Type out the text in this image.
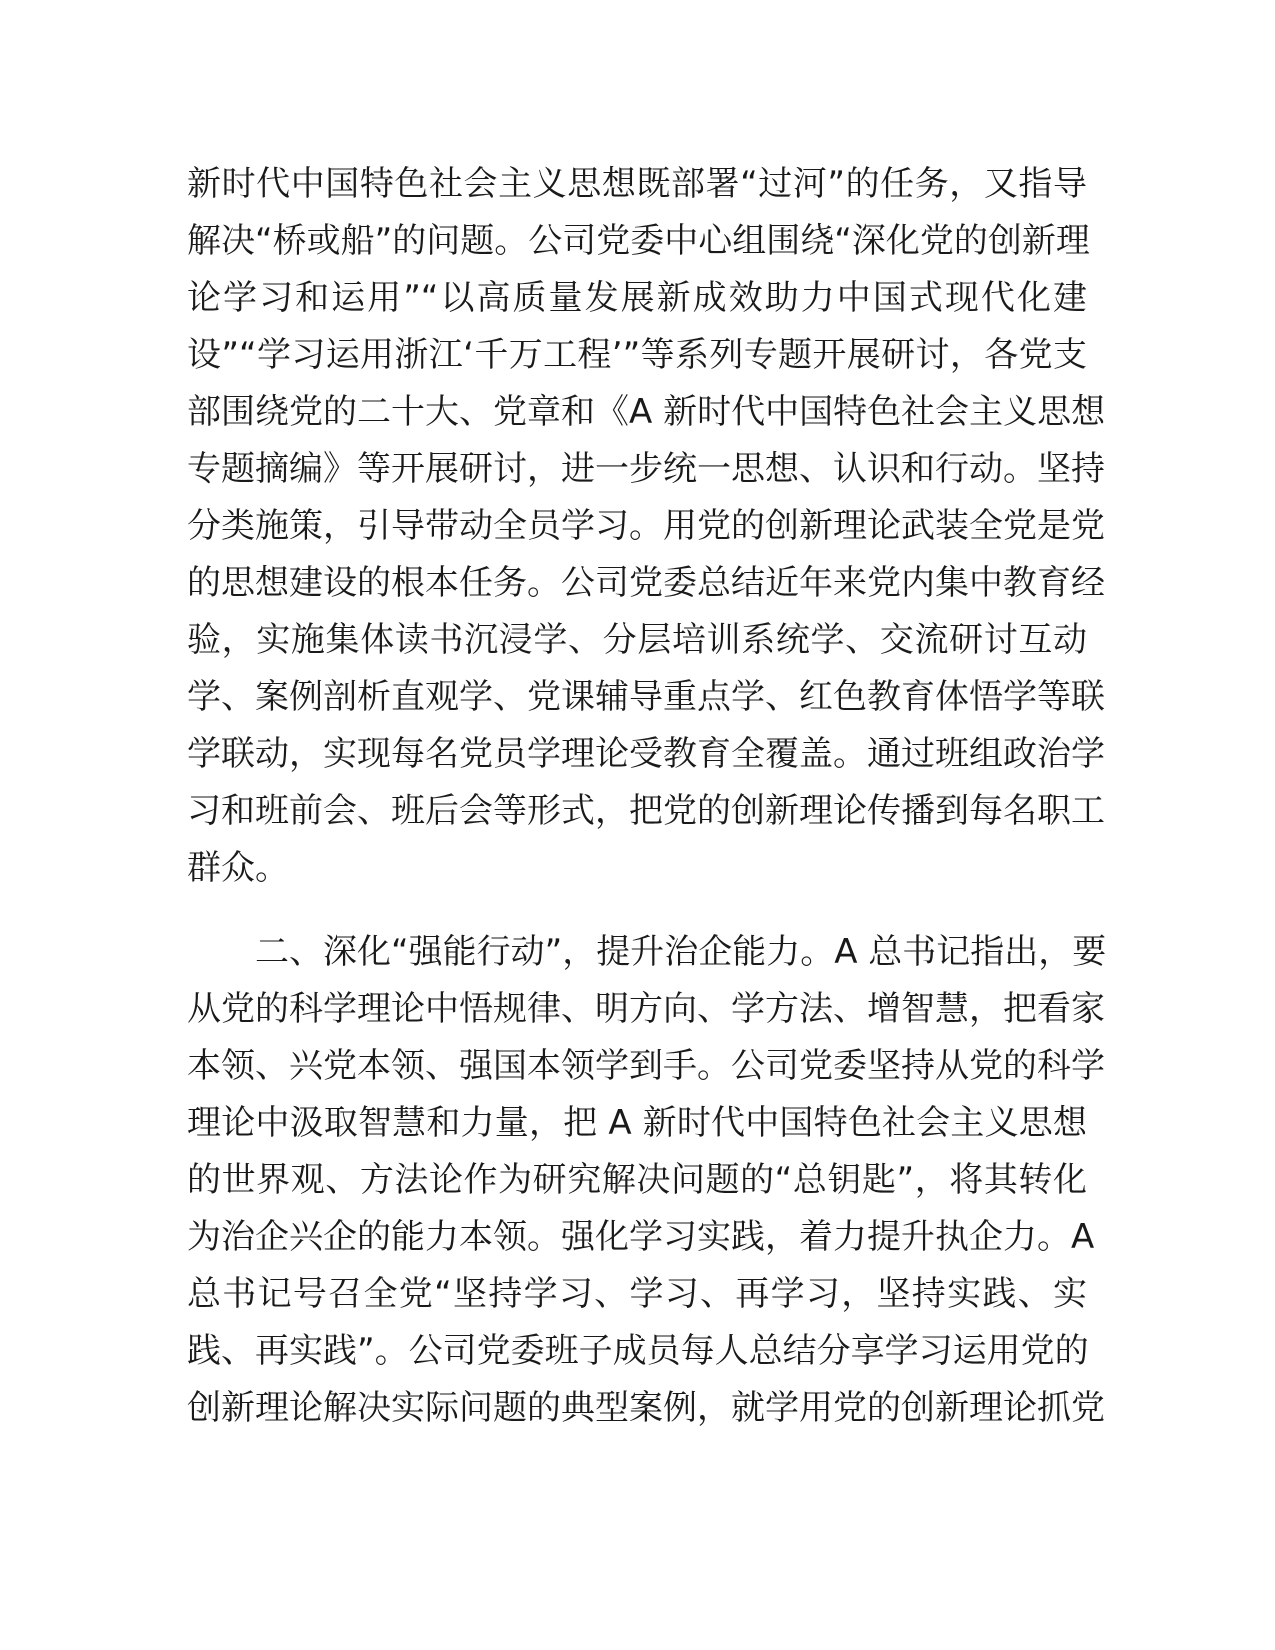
新时代中国特色社会主义思想既部署“过河”的任务，又指导
解决“桥或船”的问题。公司党委中心组围绕“深化党的创新理
论学习和运用”“以高质量发展新成效助力中国式现代化建
设”“学习运用浙江‘千万工程’”等系列专题开展研讨，各党支
部围绕党的二十大、党章和《A 新时代中国特色社会主义思想
专题摘编》等开展研讨，进一步统一思想、认识和行动。坚持
分类施策，引导带动全员学习。用党的创新理论武装全党是党
的思想建设的根本任务。公司党委总结近年来党内集中教育经
验，实施集体读书沉浸学、分层培训系统学、交流研讨互动
学、案例剖析直观学、党课辅导重点学、红色教育体悟学等联
学联动，实现每名党员学理论受教育全覆盖。通过班组政治学
习和班前会、班后会等形式，把党的创新理论传播到每名职工
群众。
二、深化“强能行动”，提升治企能力。A 总书记指出，要
从党的科学理论中悟规律、明方向、学方法、增智慧，把看家
本领、兴党本领、强国本领学到手。公司党委坚持从党的科学
理论中汲取智慧和力量，把 A 新时代中国特色社会主义思想
的世界观、方法论作为研究解决问题的“总钥匙”，将其转化
为治企兴企的能力本领。强化学习实践，着力提升执企力。A
总书记号召全党“坚持学习、学习、再学习，坚持实践、实
践、再实践”。公司党委班子成员每人总结分享学习运用党的
创新理论解决实际问题的典型案例，就学用党的创新理论抓党
